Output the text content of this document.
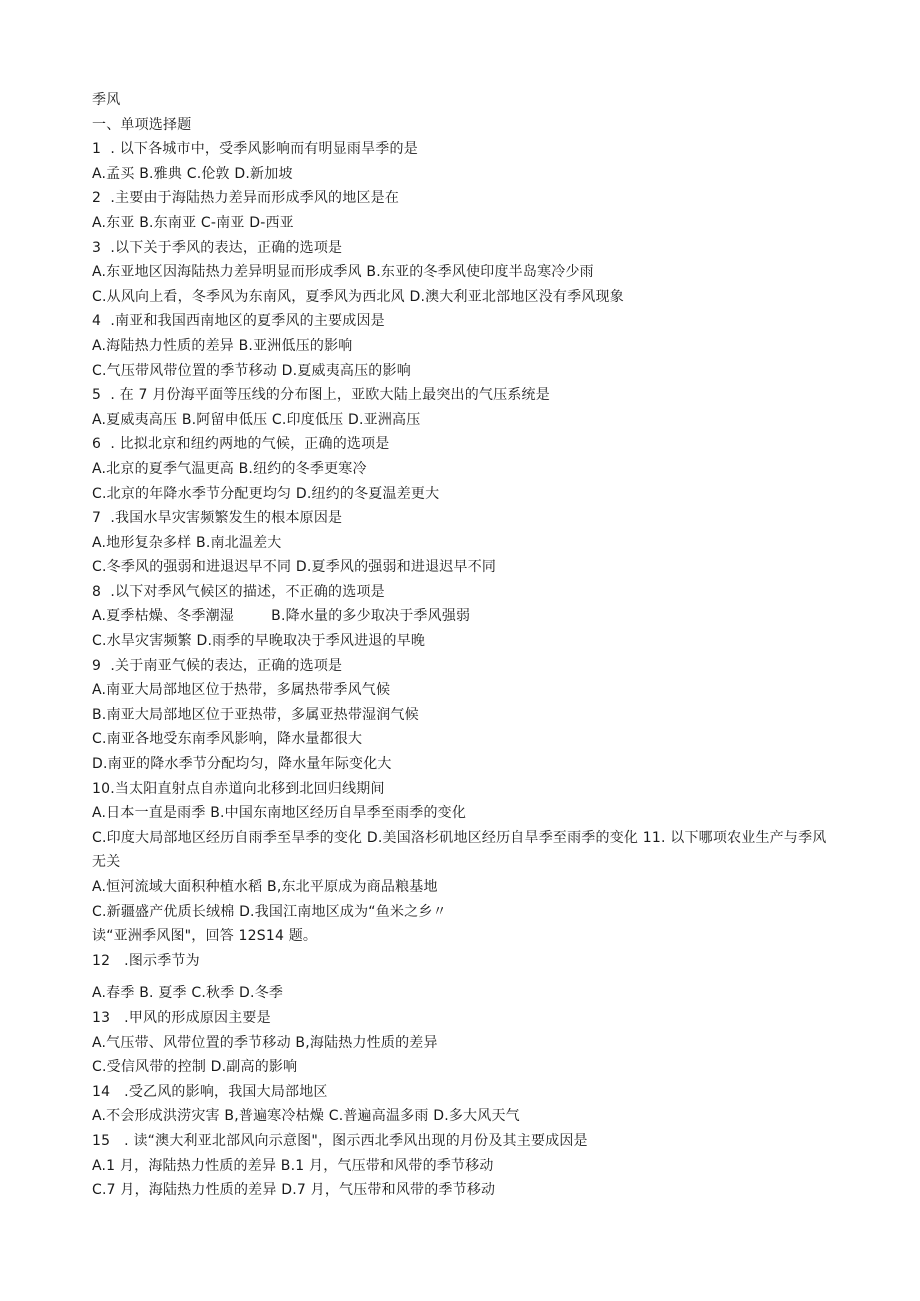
季风
一、单项选择题
1  . 以下各城市中，受季风影响而有明显雨旱季的是
A.孟买 B.雅典 C.伦敦 D.新加坡
2  .主要由于海陆热力差异而形成季风的地区是在
A.东亚 B.东南亚 C-南亚 D-西亚
3  .以下关于季风的表达，正确的选项是
A.东亚地区因海陆热力差异明显而形成季风 B.东亚的冬季风使印度半岛寒冷少雨
C.从风向上看，冬季风为东南风，夏季风为西北风 D.澳大利亚北部地区没有季风现象
4  .南亚和我国西南地区的夏季风的主要成因是
A.海陆热力性质的差异 B.亚洲低压的影响
C.气压带风带位置的季节移动 D.夏威夷高压的影响
5  . 在 7 月份海平面等压线的分布图上，亚欧大陆上最突出的气压系统是
A.夏威夷高压 B.阿留申低压 C.印度低压 D.亚洲高压
6  . 比拟北京和纽约两地的气候，正确的选项是
A.北京的夏季气温更高 B.纽约的冬季更寒冷
C.北京的年降水季节分配更均匀 D.纽约的冬夏温差更大
7  .我国水旱灾害频繁发生的根本原因是
A.地形复杂多样 B.南北温差大
C.冬季风的强弱和进退迟早不同 D.夏季风的强弱和进退迟早不同
8  .以下对季风气候区的描述，不正确的选项是
A.夏季枯燥、冬季潮湿        B.降水量的多少取决于季风强弱
C.水旱灾害频繁 D.雨季的早晚取决于季风进退的早晚
9  .关于南亚气候的表达，正确的选项是
A.南亚大局部地区位于热带，多属热带季风气候
B.南亚大局部地区位于亚热带，多属亚热带湿润气候
C.南亚各地受东南季风影响，降水量都很大
D.南亚的降水季节分配均匀，降水量年际变化大
10.当太阳直射点自赤道向北移到北回归线期间
A.日本一直是雨季 B.中国东南地区经历自旱季至雨季的变化
C.印度大局部地区经历自雨季至旱季的变化 D.美国洛杉矶地区经历自旱季至雨季的变化 11. 以下哪项农业生产与季风无关
A.恒河流域大面积种植水稻 B,东北平原成为商品粮基地
C.新疆盛产优质长绒棉 D.我国江南地区成为“鱼米之乡〃
读“亚洲季风图"，回答 12S14 题。
12   .图示季节为
A.春季 B. 夏季 C.秋季 D.冬季
13   .甲风的形成原因主要是
A.气压带、风带位置的季节移动 B,海陆热力性质的差异
C.受信风带的控制 D.副高的影响
14   .受乙风的影响，我国大局部地区
A.不会形成洪涝灾害 B,普遍寒冷枯燥 C.普遍高温多雨 D.多大风天气
15   . 读“澳大利亚北部风向示意图"，图示西北季风出现的月份及其主要成因是
A.1 月，海陆热力性质的差异 B.1 月，气压带和风带的季节移动
C.7 月，海陆热力性质的差异 D.7 月，气压带和风带的季节移动
